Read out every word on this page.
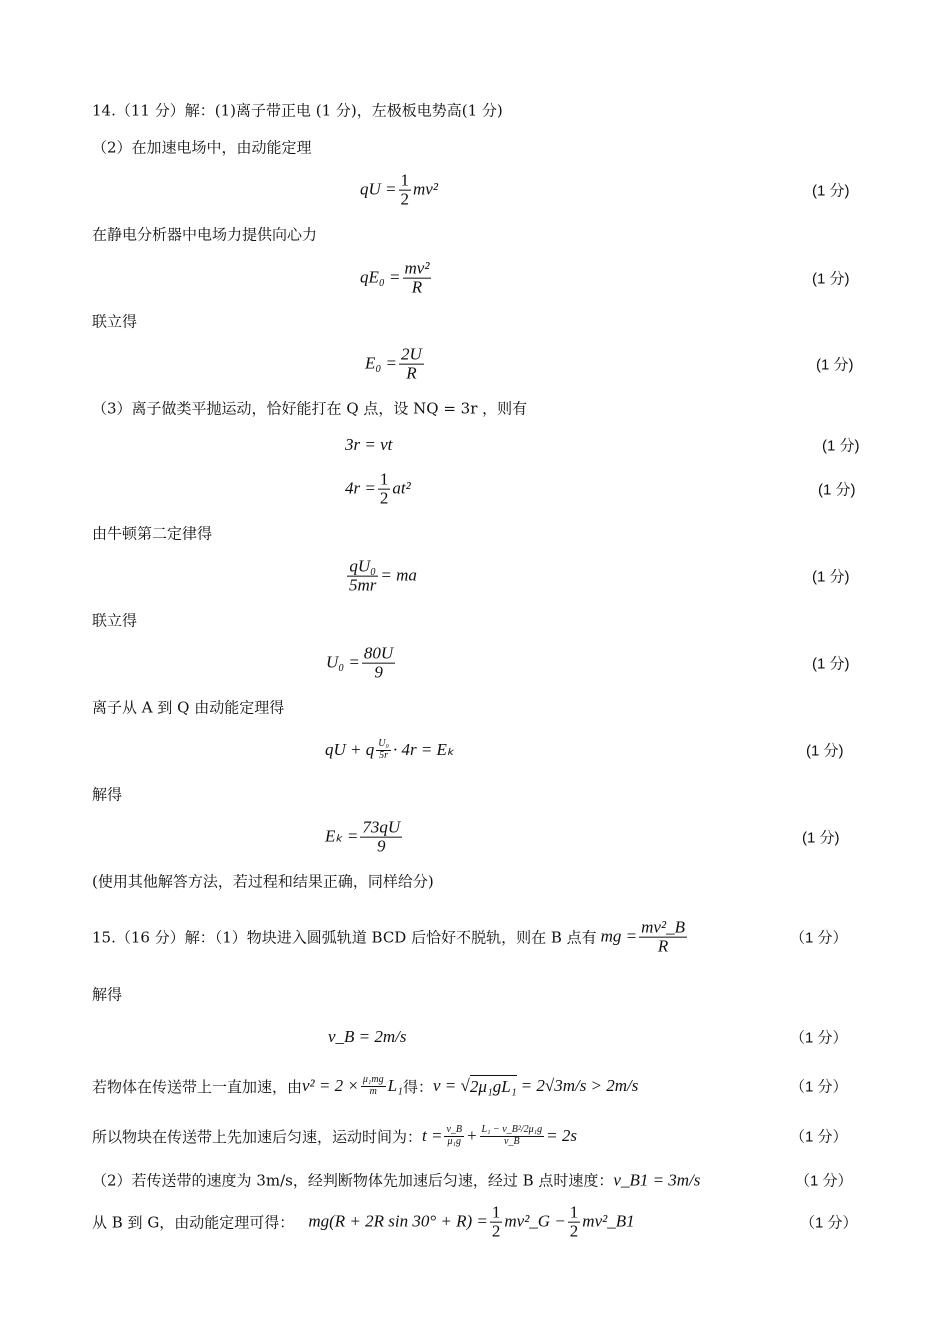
14.（11 分）解：(1)离子带正电 (1 分)，左极板电势高(1 分)
（2）在加速电场中，由动能定理
qU = $\frac{1}{2} mv^2$	(1 分)
在静电分析器中电场力提供向心力
$qE_0 = \frac{\text{mv²}}{R}$	(1 分)
联立得
$E_0 = \frac{2U}{R}$	(1 分)
（3）离子做类平抛运动，恰好能打在 Q 点，设 NQ = 3r ，则有
3r = vt	(1 分)
$4r = \frac{1}{2} at^2$	(1 分)
由牛顿第二定律得
$\frac{\text{qU₀}}{5mr}$ = ma	(1 分)
联立得
$U_0 = \frac{80U}{9}$	(1 分)
离子从 A 到 Q 由动能定理得
qU + q $\frac{\text{U₀}}{5r} \cdot 4r = E_k$	(1 分)
解得
$E_k = \frac{73qU}{9}$	(1 分)
(使用其他解答方法，若过程和结果正确，同样给分)
15.（16 分）解：（1）物块进入圆弧轨道 BCD 后恰好不脱轨，则在 B 点有 mg = $\frac{\text{mv²\_B}}{R}$	（1 分）
解得
v_B = 2m/s	（1 分）
若物体在传送带上一直加速，由 $v^2 = 2 \times \frac{\text{μ₁mg}}{m} L_1$ 得： v = √ 2μ₁gL₁ = 2√3m/s > 2m/s	（1 分）
所以物块在传送带上先加速后匀速，运动时间为： $t = \frac{v\_B}{\text{μ₁g}} + \frac{\text{L₁ − v\_B²/2μ₁g}}{v\_B} = 2s$	（1 分）
（2）若传送带的速度为 3m/s，经判断物体先加速后匀速，经过 B 点时速度： v_B1 = 3m/s	（1 分）
从 B 到 G，由动能定理可得： mg(R + 2R $\sin 30^\circ + R) = \frac{1}{2}$ mv²_G − $\frac{1}{2}$ mv²_B1	（1 分）
